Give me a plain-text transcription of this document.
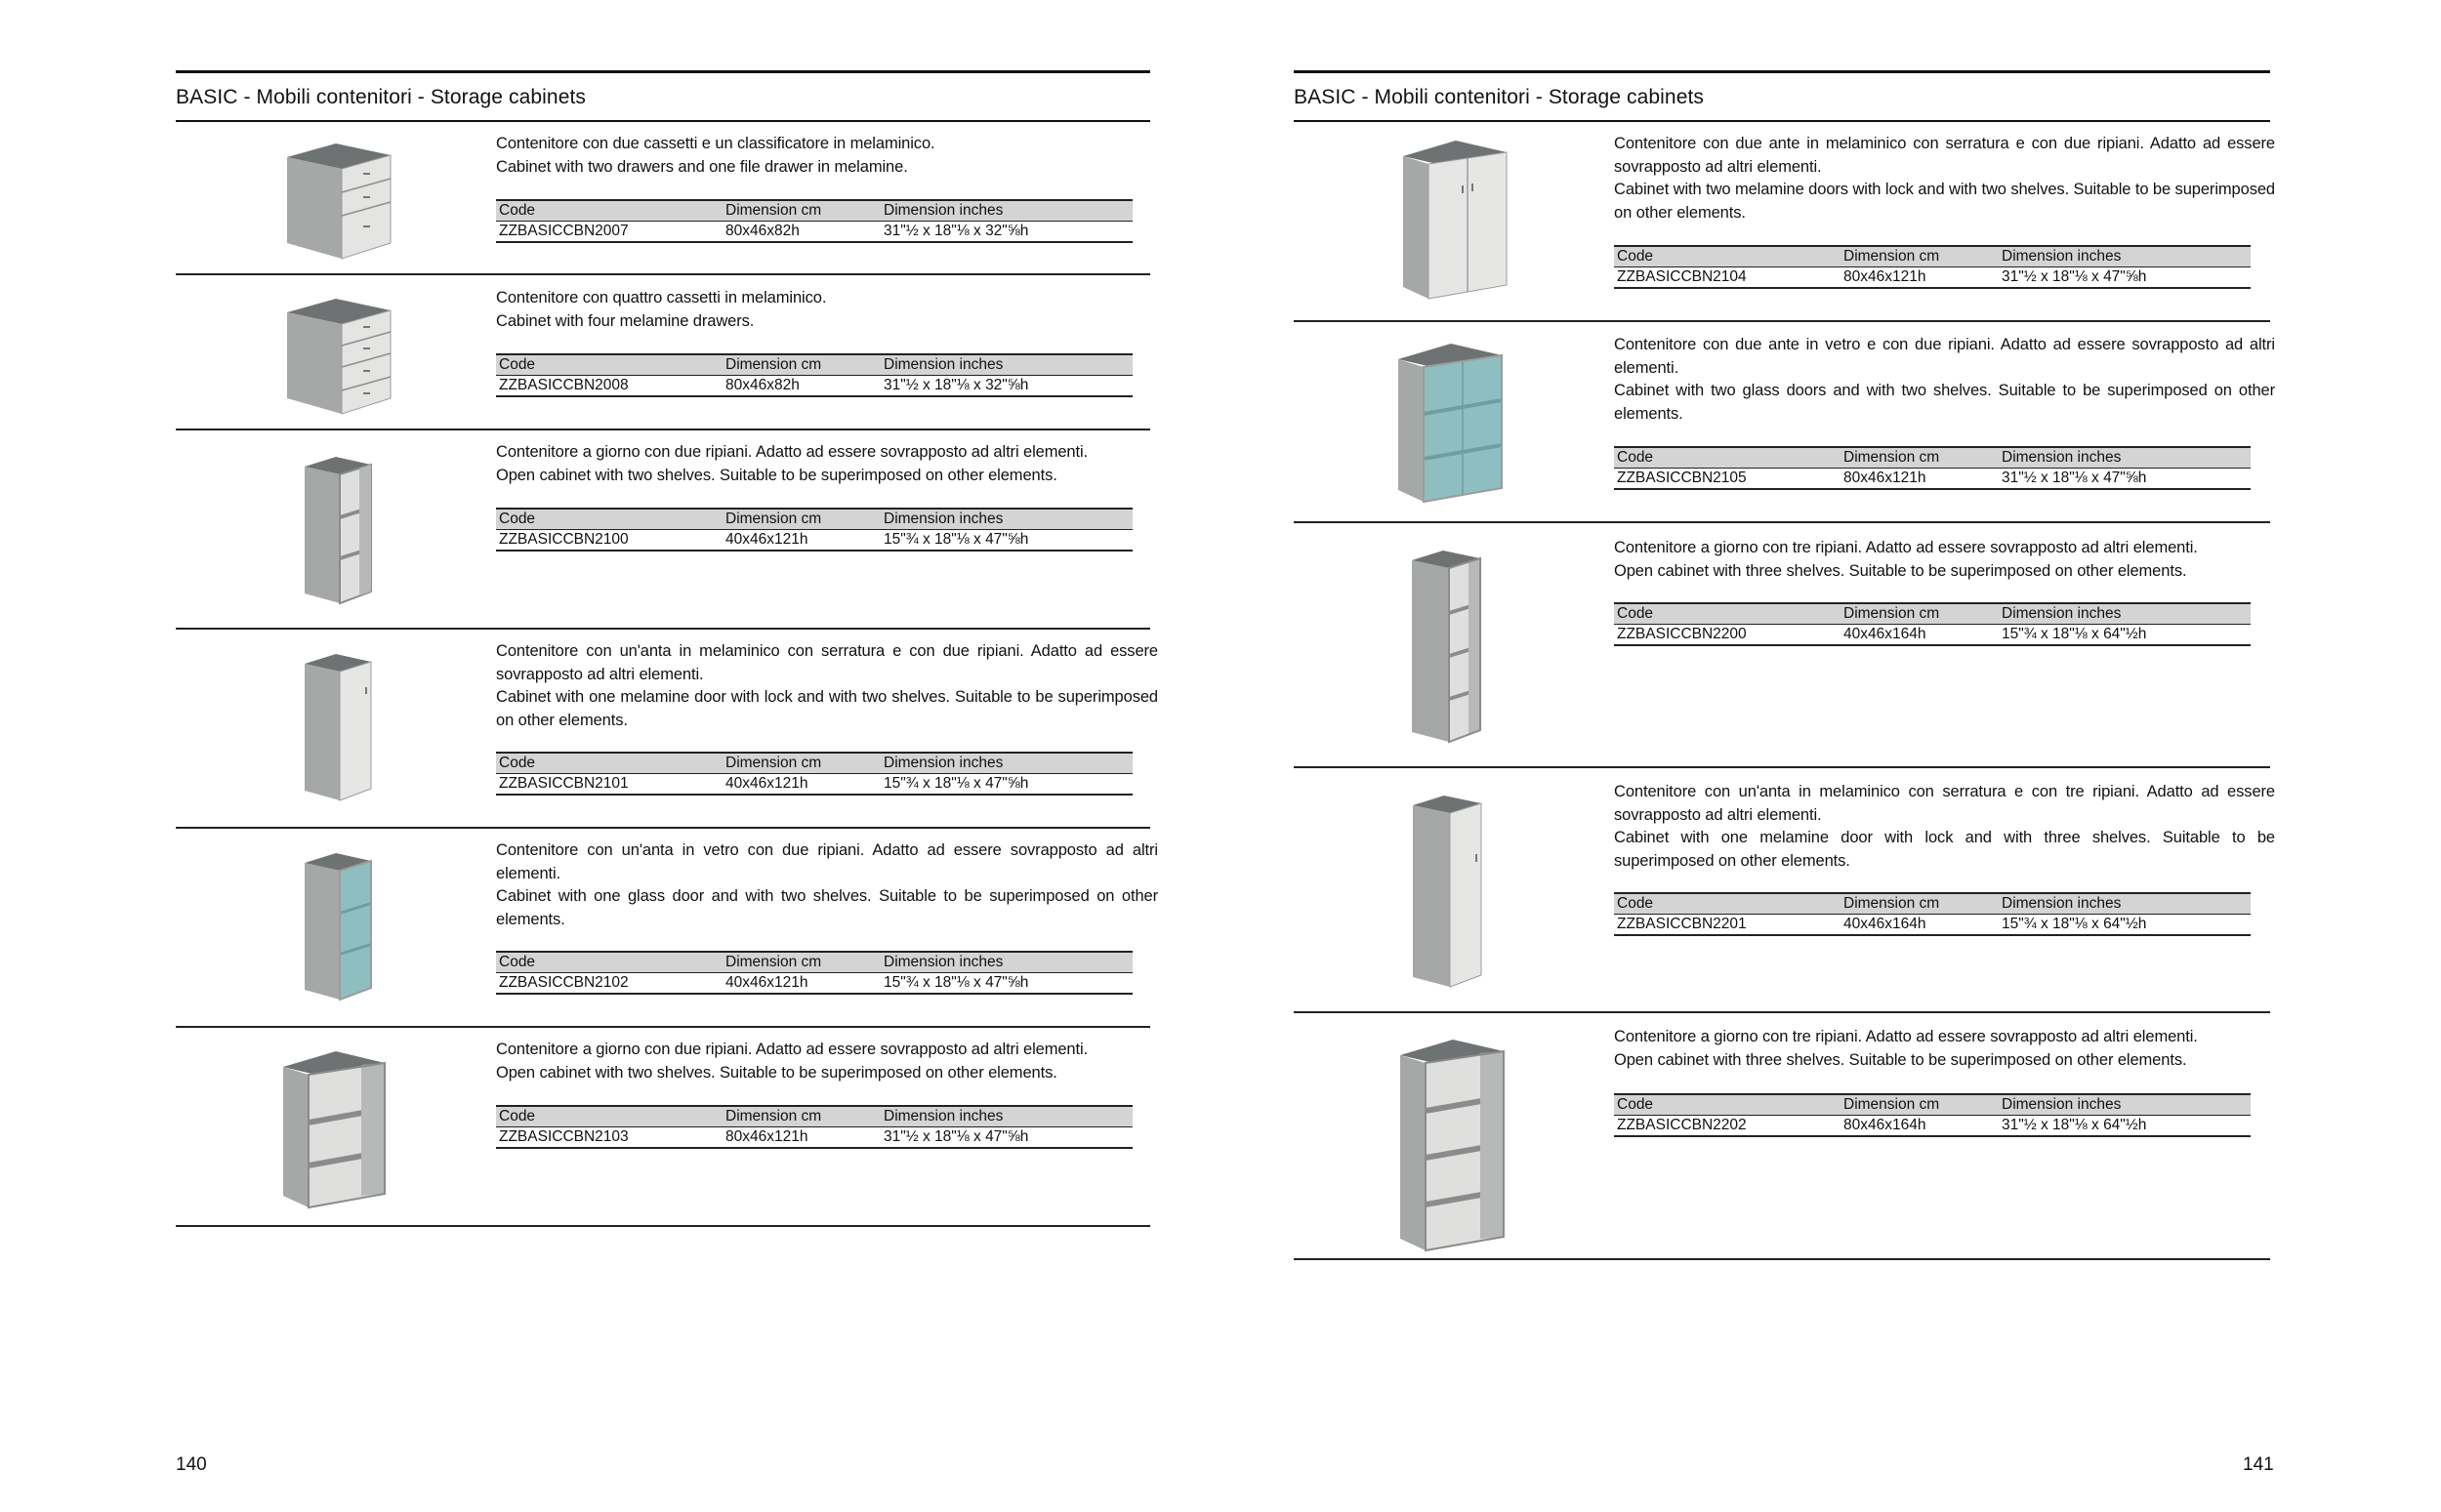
BASIC - Mobili contenitori - Storage cabinets

Contenitore con due cassetti e un classificatore in melaminico.

Cabinet with two drawers and one file drawer in melamine.

Code	Dimension cm	Dimension inches
ZZBASICCBN2007	80x46x82h	31"½ x 18"⅛ x 32"⅝h

Contenitore con quattro cassetti in melaminico.

Cabinet with four melamine drawers.

Code	Dimension cm	Dimension inches
ZZBASICCBN2008	80x46x82h	31"½ x 18"⅛ x 32"⅝h

Contenitore a giorno con due ripiani. Adatto ad essere sovrapposto ad altri elementi.

Open cabinet with two shelves. Suitable to be superimposed on other elements.

Code	Dimension cm	Dimension inches
ZZBASICCBN2100	40x46x121h	15"¾ x 18"⅛ x 47"⅝h

Contenitore con un'anta in melaminico con serratura e con due ripiani. Adatto ad essere sovrapposto ad altri elementi.

Cabinet with one melamine door with lock and with two shelves. Suitable to be superimposed on other elements.

Code	Dimension cm	Dimension inches
ZZBASICCBN2101	40x46x121h	15"¾ x 18"⅛ x 47"⅝h

Contenitore con un'anta in vetro con due ripiani. Adatto ad essere sovrapposto ad altri elementi.

Cabinet with one glass door and with two shelves. Suitable to be superimposed on other elements.

Code	Dimension cm	Dimension inches
ZZBASICCBN2102	40x46x121h	15"¾ x 18"⅛ x 47"⅝h

Contenitore a giorno con due ripiani. Adatto ad essere sovrapposto ad altri elementi.

Open cabinet with two shelves. Suitable to be superimposed on other elements.

Code	Dimension cm	Dimension inches
ZZBASICCBN2103	80x46x121h	31"½ x 18"⅛ x 47"⅝h
140
BASIC - Mobili contenitori - Storage cabinets

Contenitore con due ante in melaminico con serratura e con due ripiani. Adatto ad essere sovrapposto ad altri elementi.

Cabinet with two melamine doors with lock and with two shelves. Suitable to be superimposed on other elements.

Code	Dimension cm	Dimension inches
ZZBASICCBN2104	80x46x121h	31"½ x 18"⅛ x 47"⅝h

Contenitore con due ante in vetro e con due ripiani. Adatto ad essere sovrapposto ad altri elementi.

Cabinet with two glass doors and with two shelves. Suitable to be superimposed on other elements.

Code	Dimension cm	Dimension inches
ZZBASICCBN2105	80x46x121h	31"½ x 18"⅛ x 47"⅝h

Contenitore a giorno con tre ripiani. Adatto ad essere sovrapposto ad altri elementi.

Open cabinet with three shelves. Suitable to be superimposed on other elements.

Code	Dimension cm	Dimension inches
ZZBASICCBN2200	40x46x164h	15"¾ x 18"⅛ x 64"½h

Contenitore con un'anta in melaminico con serratura e con tre ripiani. Adatto ad essere sovrapposto ad altri elementi.

Cabinet with one melamine door with lock and with three shelves. Suitable to be superimposed on other elements.

Code	Dimension cm	Dimension inches
ZZBASICCBN2201	40x46x164h	15"¾ x 18"⅛ x 64"½h

Contenitore a giorno con tre ripiani. Adatto ad essere sovrapposto ad altri elementi.

Open cabinet with three shelves. Suitable to be superimposed on other elements.

Code	Dimension cm	Dimension inches
ZZBASICCBN2202	80x46x164h	31"½ x 18"⅛ x 64"½h
141
